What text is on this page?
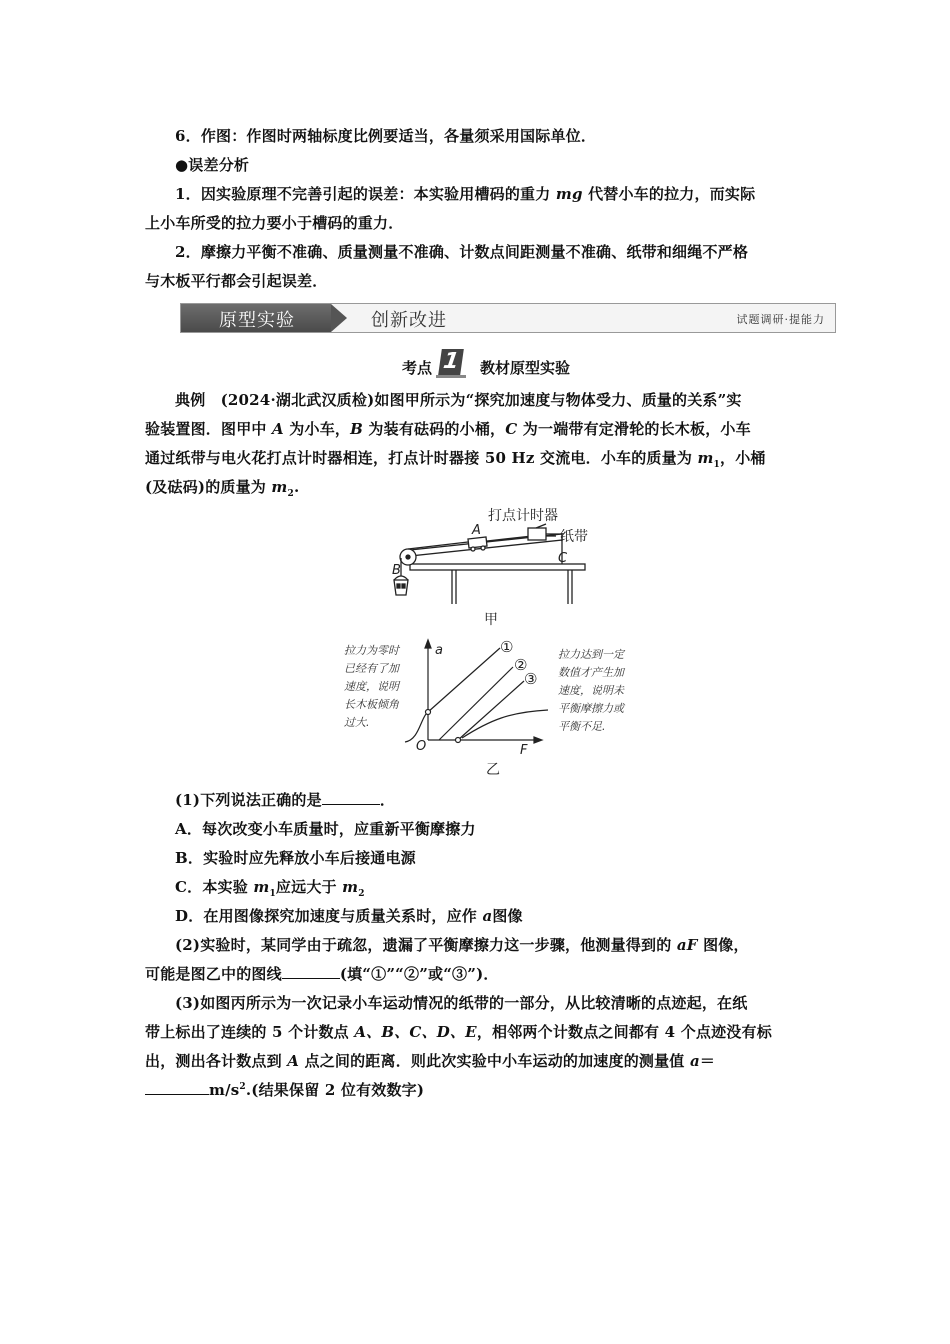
6．作图：作图时两轴标度比例要适当，各量须采用国际单位．
●误差分析
1．因实验原理不完善引起的误差：本实验用槽码的重力 mg 代替小车的拉力，而实际
上小车所受的拉力要小于槽码的重力．
2．摩擦力平衡不准确、质量测量不准确、计数点间距测量不准确、纸带和细绳不严格
与木板平行都会引起误差．
原型实验	创新改进	试题调研·提能力
考点 1 教材原型实验
典例　(2024·湖北武汉质检)如图甲所示为“探究加速度与物体受力、质量的关系”实
验装置图．图甲中 A 为小车，B 为装有砝码的小桶，C 为一端带有定滑轮的长木板，小车
通过纸带与电火花打点计时器相连，打点计时器接 50 Hz 交流电．小车的质量为 $m_1$，小桶
(及砝码)的质量为 $m_2$.
打点计时器
纸带
A
B
C
甲
a
F
O
①
②
③
拉力为零时
已经有了加
速度，说明
长木板倾角
过大.
拉力达到一定
数值才产生加
速度，说明未
平衡摩擦力或
平衡不足.
乙
(1)下列说法正确的是	．
A．每次改变小车质量时，应重新平衡摩擦力
B．实验时应先释放小车后接通电源
C．本实验 $m_1$应远大于 $m_2$
D．在用图像探究加速度与质量关系时，应作 a图像
(2)实验时，某同学由于疏忽，遗漏了平衡摩擦力这一步骤，他测量得到的 aF 图像，
可能是图乙中的图线	(填“①”“②”或“③”)．
(3)如图丙所示为一次记录小车运动情况的纸带的一部分，从比较清晰的点迹起，在纸
带上标出了连续的 5 个计数点 A、B、C、D、E，相邻两个计数点之间都有 4 个点迹没有标
出，测出各计数点到 A 点之间的距离．则此次实验中小车运动的加速度的测量值 a＝
$m/s^2$.(结果保留 2 位有效数字)
